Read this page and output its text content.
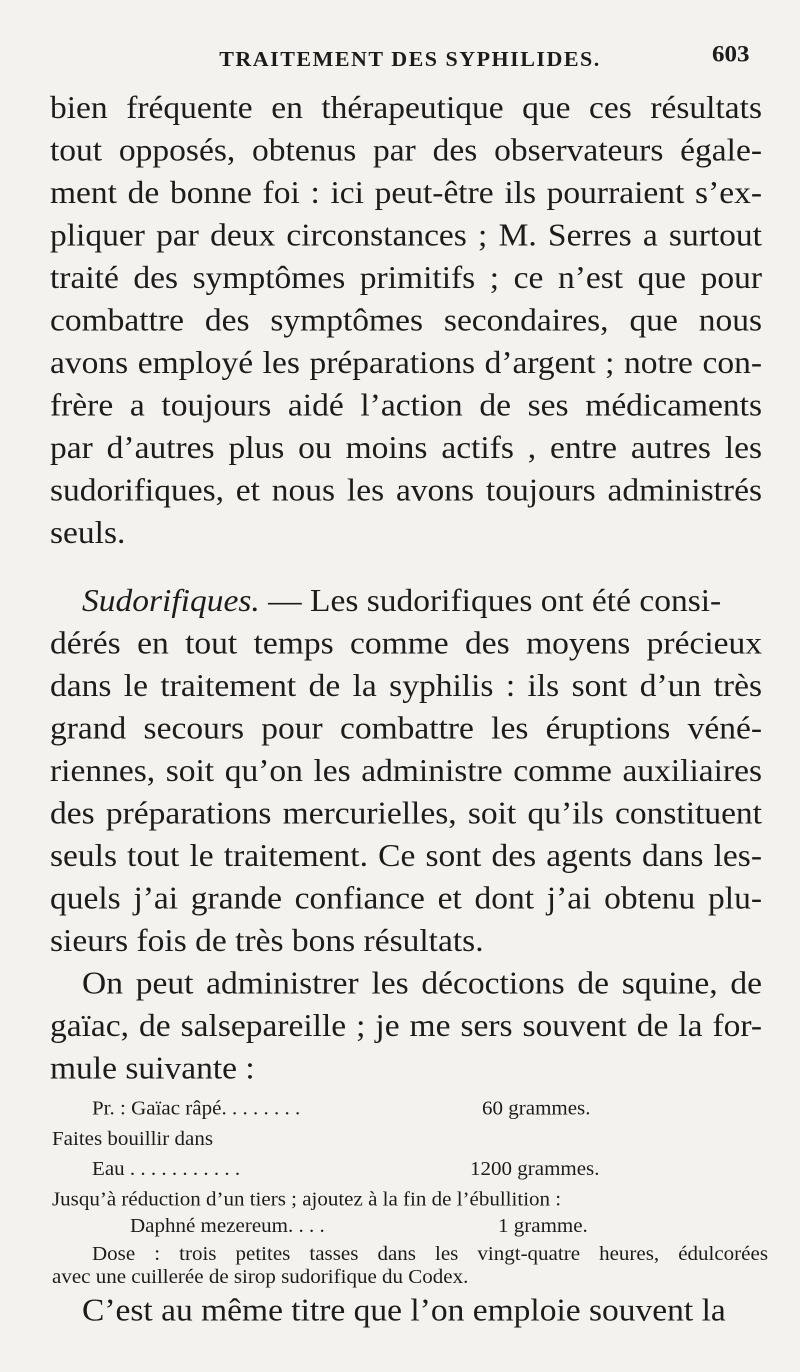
TRAITEMENT DES SYPHILIDES.	603
bien fréquente en thérapeutique que ces résultats
tout opposés, obtenus par des observateurs égale-
ment de bonne foi : ici peut-être ils pourraient s’ex-
pliquer par deux circonstances ; M. Serres a surtout
traité des symptômes primitifs ; ce n’est que pour
combattre des symptômes secondaires, que nous
avons employé les préparations d’argent ; notre con-
frère a toujours aidé l’action de ses médicaments
par d’autres plus ou moins actifs , entre autres les
sudorifiques, et nous les avons toujours administrés
seuls.
Sudorifiques. — Les sudorifiques ont été consi-
dérés en tout temps comme des moyens précieux
dans le traitement de la syphilis : ils sont d’un très
grand secours pour combattre les éruptions véné-
riennes, soit qu’on les administre comme auxiliaires
des préparations mercurielles, soit qu’ils constituent
seuls tout le traitement. Ce sont des agents dans les-
quels j’ai grande confiance et dont j’ai obtenu plu-
sieurs fois de très bons résultats.
On peut administrer les décoctions de squine, de
gaïac, de salsepareille ; je me sers souvent de la for-
mule suivante :
Pr. : Gaïac râpé. . . . . . . .	60 grammes.
Faites bouillir dans
Eau . . . . . . . . . . .	1200 grammes.
Jusqu’à réduction d’un tiers ; ajoutez à la fin de l’ébullition :
Daphné mezereum. . . .	1 gramme.
Dose : trois petites tasses dans les vingt-quatre heures, édulcorées
avec une cuillerée de sirop sudorifique du Codex.
C’est au même titre que l’on emploie souvent la
